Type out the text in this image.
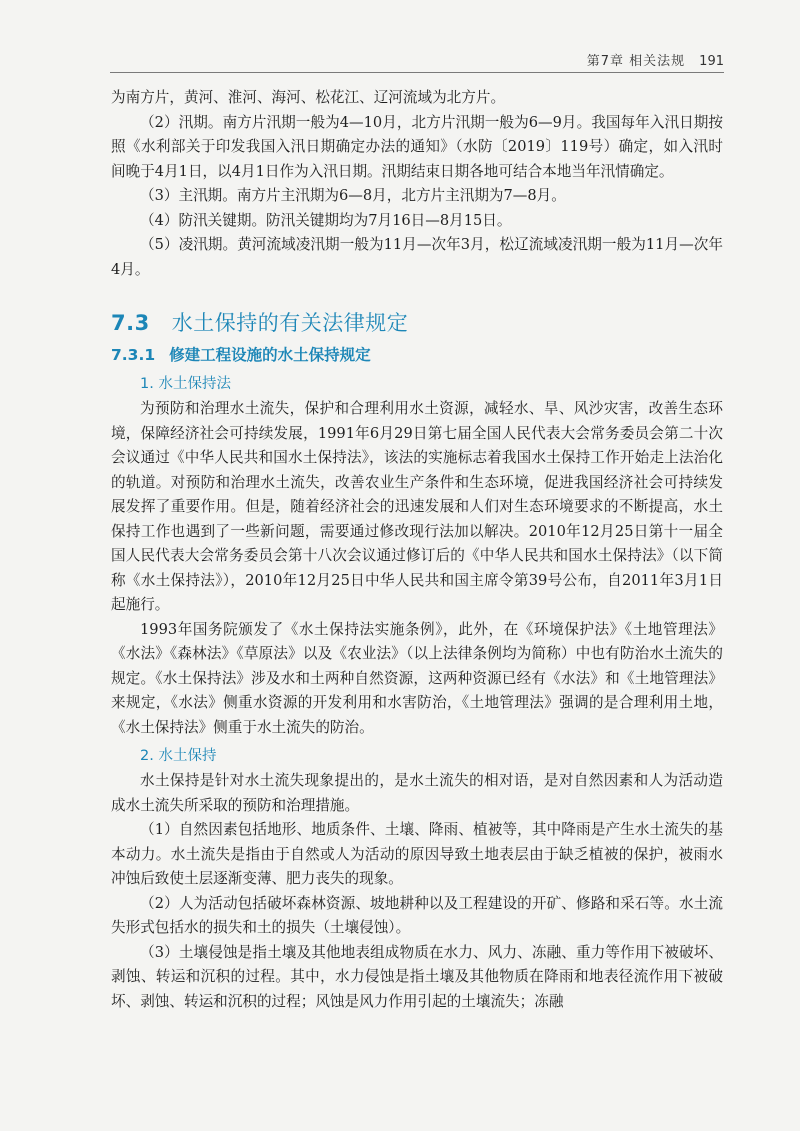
第7章 相关法规 191

为南方片，黄河、淮河、海河、松花江、辽河流域为北方片。

（2）汛期。南方片汛期一般为4—10月，北方片汛期一般为6—9月。我国每年入汛日期按照《水利部关于印发我国入汛日期确定办法的通知》（水防〔2019〕119号）确定，如入汛时间晚于4月1日，以4月1日作为入汛日期。汛期结束日期各地可结合本地当年汛情确定。

（3）主汛期。南方片主汛期为6—8月，北方片主汛期为7—8月。

（4）防汛关键期。防汛关键期均为7月16日—8月15日。

（5）凌汛期。黄河流域凌汛期一般为11月—次年3月，松辽流域凌汛期一般为11月—次年4月。

7.3 水土保持的有关法律规定
7.3.1 修建工程设施的水土保持规定
1. 水土保持法

为预防和治理水土流失，保护和合理利用水土资源，减轻水、旱、风沙灾害，改善生态环境，保障经济社会可持续发展，1991年6月29日第七届全国人民代表大会常务委员会第二十次会议通过《中华人民共和国水土保持法》，该法的实施标志着我国水土保持工作开始走上法治化的轨道。对预防和治理水土流失，改善农业生产条件和生态环境，促进我国经济社会可持续发展发挥了重要作用。但是，随着经济社会的迅速发展和人们对生态环境要求的不断提高，水土保持工作也遇到了一些新问题，需要通过修改现行法加以解决。2010年12月25日第十一届全国人民代表大会常务委员会第十八次会议通过修订后的《中华人民共和国水土保持法》（以下简称《水土保持法》），2010年12月25日中华人民共和国主席令第39号公布，自2011年3月1日起施行。

1993年国务院颁发了《水土保持法实施条例》，此外，在《环境保护法》《土地管理法》《水法》《森林法》《草原法》以及《农业法》（以上法律条例均为简称）中也有防治水土流失的规定。《水土保持法》涉及水和土两种自然资源，这两种资源已经有《水法》和《土地管理法》来规定，《水法》侧重水资源的开发利用和水害防治，《土地管理法》强调的是合理利用土地，《水土保持法》侧重于水土流失的防治。

2. 水土保持

水土保持是针对水土流失现象提出的，是水土流失的相对语，是对自然因素和人为活动造成水土流失所采取的预防和治理措施。

（1）自然因素包括地形、地质条件、土壤、降雨、植被等，其中降雨是产生水土流失的基本动力。水土流失是指由于自然或人为活动的原因导致土地表层由于缺乏植被的保护，被雨水冲蚀后致使土层逐渐变薄、肥力丧失的现象。

（2）人为活动包括破坏森林资源、坡地耕种以及工程建设的开矿、修路和采石等。水土流失形式包括水的损失和土的损失（土壤侵蚀）。

（3）土壤侵蚀是指土壤及其他地表组成物质在水力、风力、冻融、重力等作用下被破坏、剥蚀、转运和沉积的过程。其中，水力侵蚀是指土壤及其他物质在降雨和地表径流作用下被破坏、剥蚀、转运和沉积的过程；风蚀是风力作用引起的土壤流失；冻融
